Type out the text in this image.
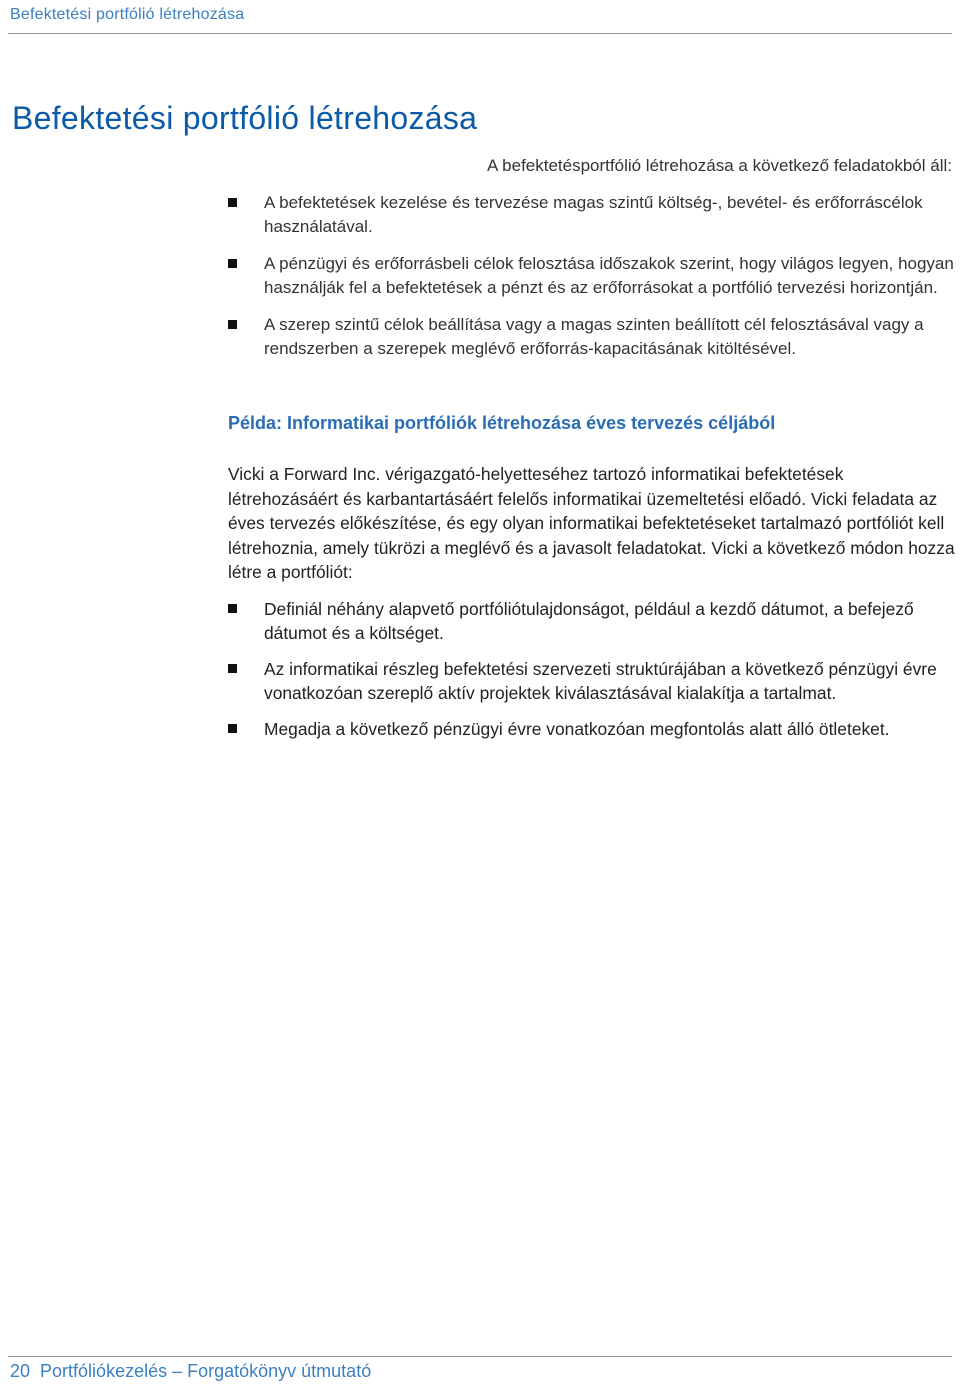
Befektetési portfólió létrehozása
Befektetési portfólió létrehozása
A befektetésportfólió létrehozása a következő feladatokból áll:
A befektetések kezelése és tervezése magas szintű költség-, bevétel- és erőforráscélok használatával.
A pénzügyi és erőforrásbeli célok felosztása időszakok szerint, hogy világos legyen, hogyan használják fel a befektetések a pénzt és az erőforrásokat a portfólió tervezési horizontján.
A szerep szintű célok beállítása vagy a magas szinten beállított cél felosztásával vagy a rendszerben a szerepek meglévő erőforrás-kapacitásának kitöltésével.
Példa: Informatikai portfóliók létrehozása éves tervezés céljából

Vicki a Forward Inc. vérigazgató-helyetteséhez tartozó informatikai befektetések létrehozásáért és karbantartásáért felelős informatikai üzemeltetési előadó. Vicki feladata az éves tervezés előkészítése, és egy olyan informatikai befektetéseket tartalmazó portfóliót kell létrehoznia, amely tükrözi a meglévő és a javasolt feladatokat. Vicki a következő módon hozza létre a portfóliót:

Definiál néhány alapvető portfóliótulajdonságot, például a kezdő dátumot, a befejező dátumot és a költséget.
Az informatikai részleg befektetési szervezeti struktúrájában a következő pénzügyi évre vonatkozóan szereplő aktív projektek kiválasztásával kialakítja a tartalmat.
Megadja a következő pénzügyi évre vonatkozóan megfontolás alatt álló ötleteket.
20 Portfóliókezelés – Forgatókönyv útmutató
